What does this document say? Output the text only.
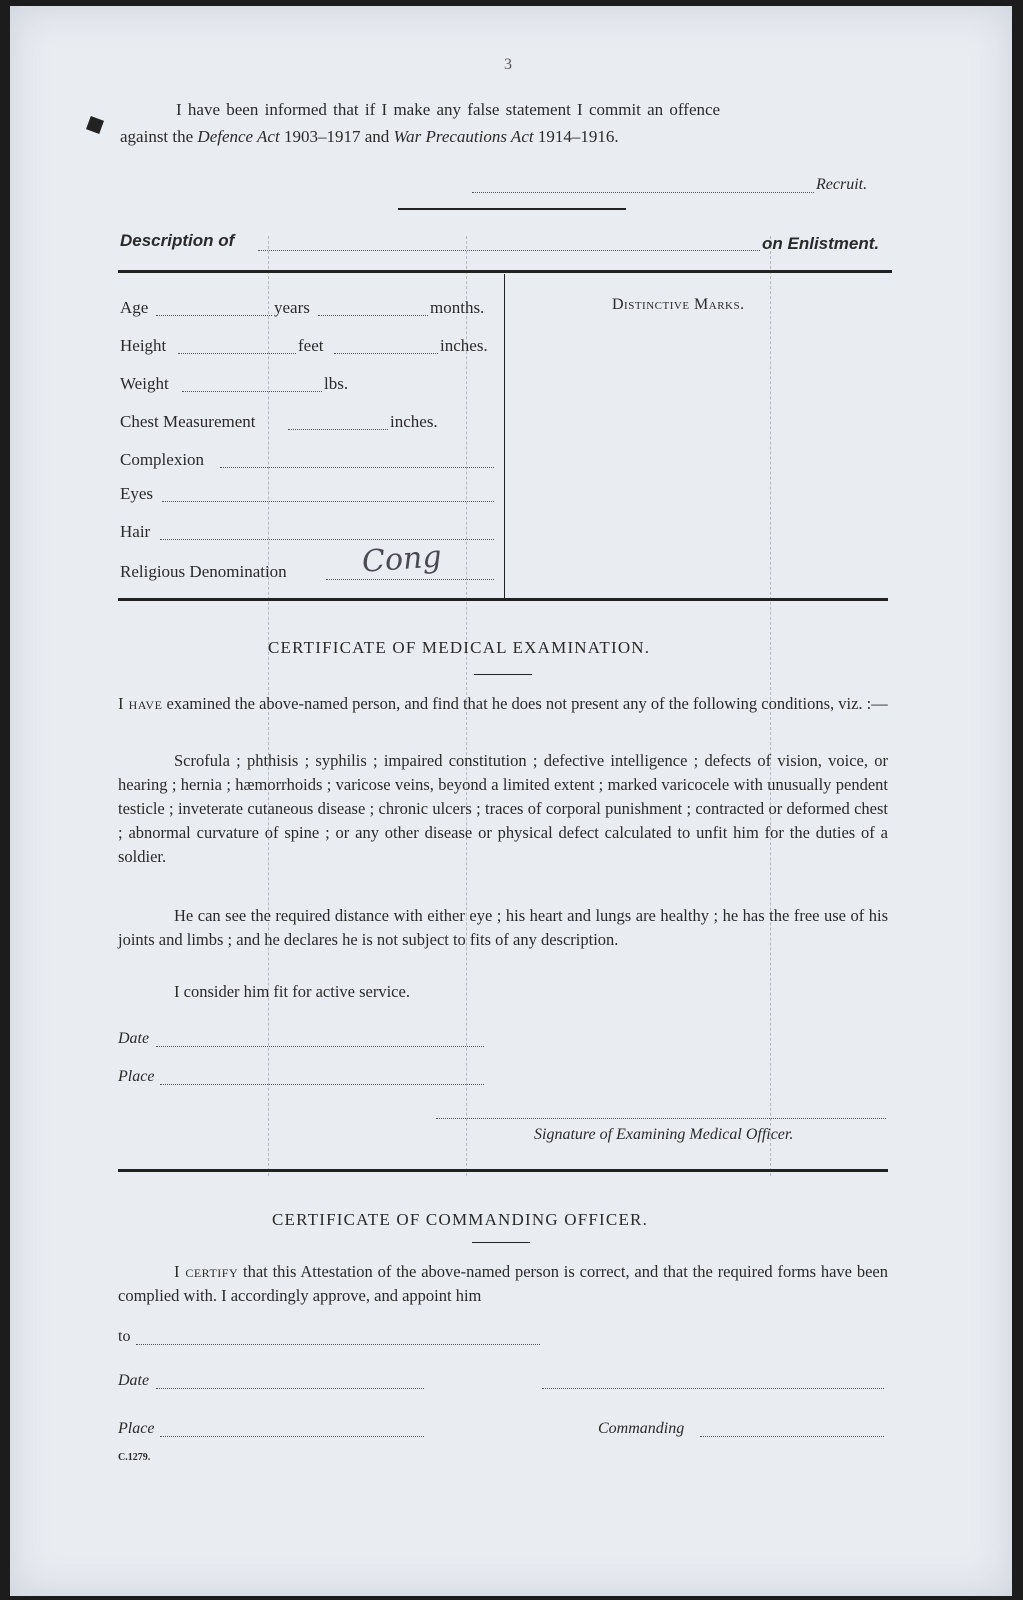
3
I have been informed that if I make any false statement I commit an offence
against the Defence Act 1903–1917 and War Precautions Act 1914–1916.
Recruit.
Description of	on Enlistment.
Age	years	months.
Height	feet	inches.
Weight	lbs.
Chest Measurement	inches.
Complexion
Eyes
Hair
Religious Denomination Cong
Distinctive Marks.
CERTIFICATE OF MEDICAL EXAMINATION.
I have examined the above-named person, and find that he does not present any of the following conditions, viz. :—
Scrofula ; phthisis ; syphilis ; impaired constitution ; defective intelligence ; defects of vision, voice, or hearing ; hernia ; hæmorrhoids ; varicose veins, beyond a limited extent ; marked varicocele with unusually pendent testicle ; inveterate cutaneous disease ; chronic ulcers ; traces of corporal punishment ; contracted or deformed chest ; abnormal curvature of spine ; or any other disease or physical defect calculated to unfit him for the duties of a soldier.
He can see the required distance with either eye ; his heart and lungs are healthy ; he has the free use of his joints and limbs ; and he declares he is not subject to fits of any description.
I consider him fit for active service.
Date
Place
Signature of Examining Medical Officer.
CERTIFICATE OF COMMANDING OFFICER.
I certify that this Attestation of the above-named person is correct, and that the required forms have been complied with. I accordingly approve, and appoint him
to
Date
Place	Commanding
C.1279.
